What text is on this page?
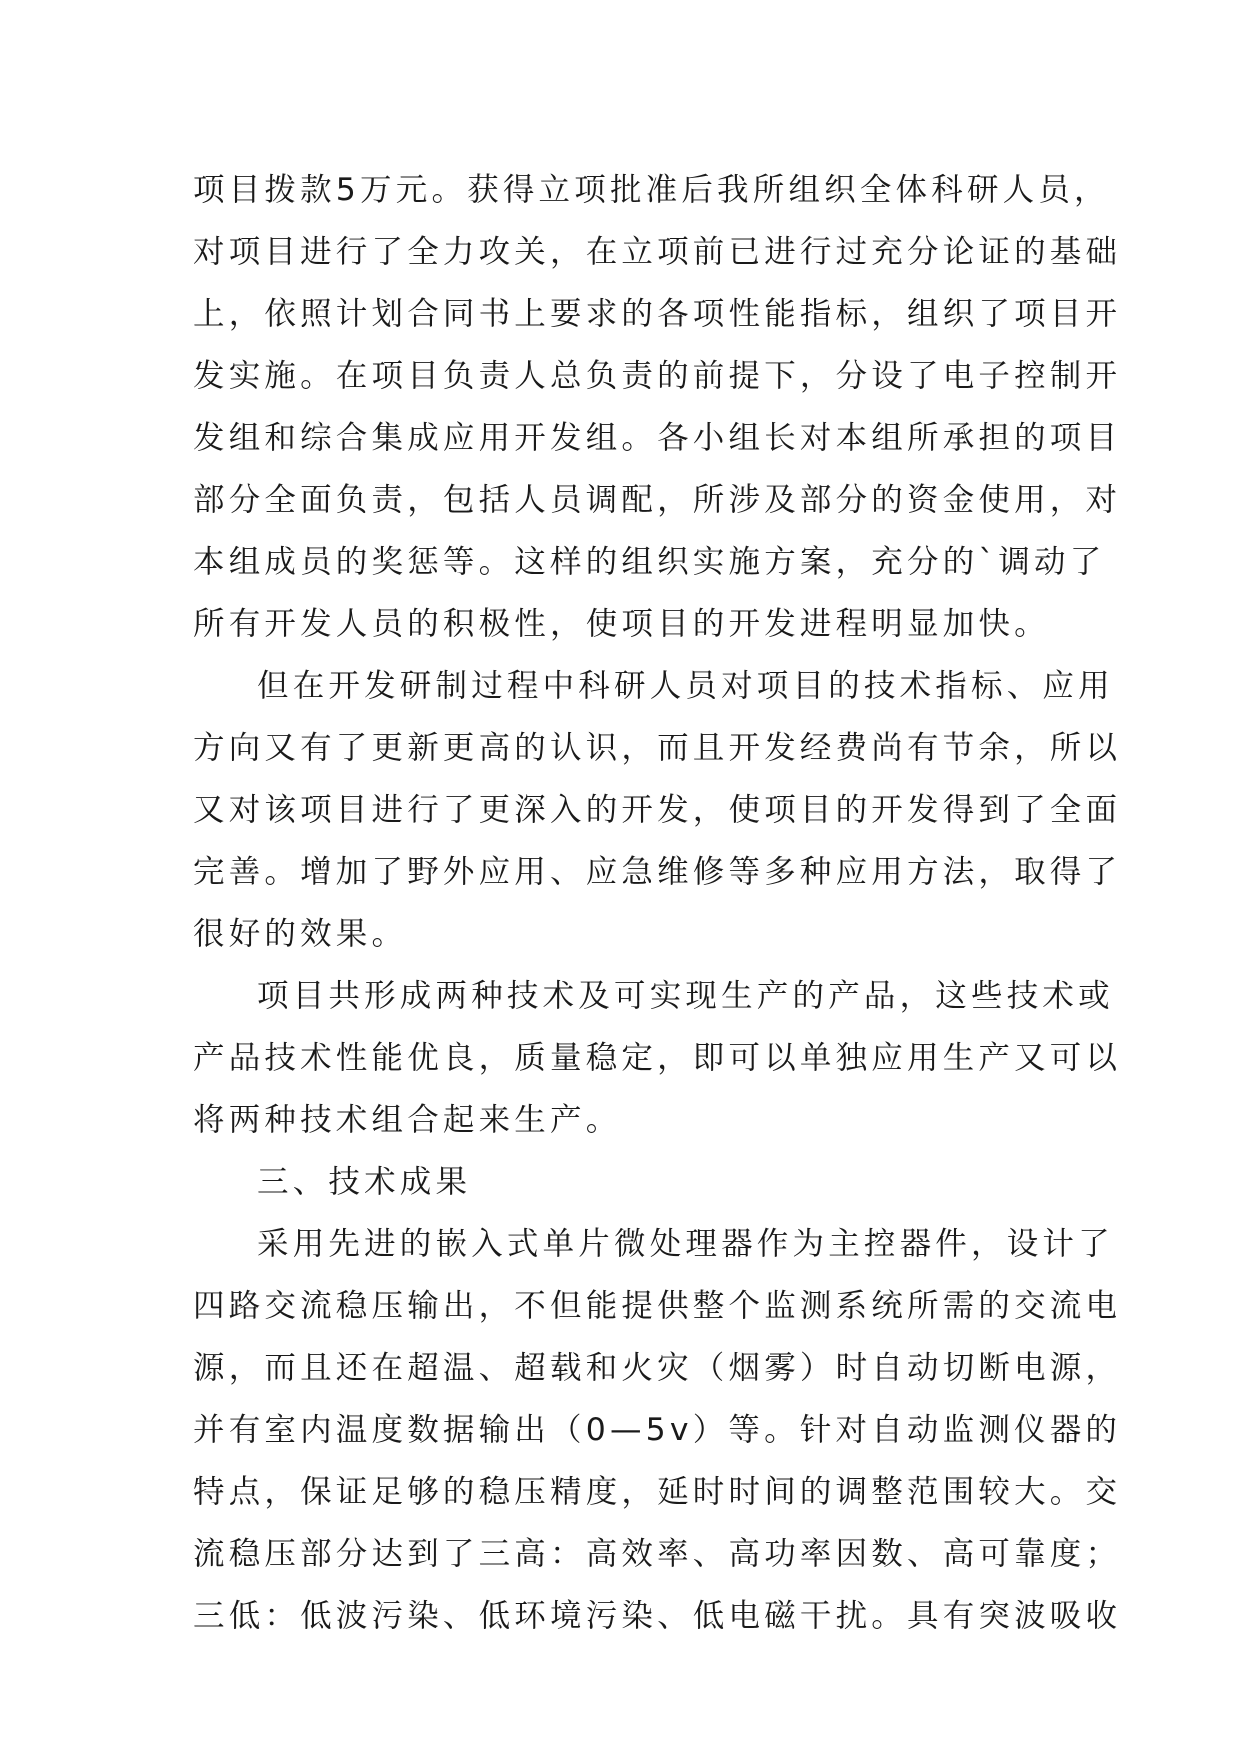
项目拨款5万元。获得立项批准后我所组织全体科研人员，
对项目进行了全力攻关，在立项前已进行过充分论证的基础
上，依照计划合同书上要求的各项性能指标，组织了项目开
发实施。在项目负责人总负责的前提下，分设了电子控制开
发组和综合集成应用开发组。各小组长对本组所承担的项目
部分全面负责，包括人员调配，所涉及部分的资金使用，对
本组成员的奖惩等。这样的组织实施方案，充分的`调动了
所有开发人员的积极性，使项目的开发进程明显加快。
但在开发研制过程中科研人员对项目的技术指标、应用
方向又有了更新更高的认识，而且开发经费尚有节余，所以
又对该项目进行了更深入的开发，使项目的开发得到了全面
完善。增加了野外应用、应急维修等多种应用方法，取得了
很好的效果。
项目共形成两种技术及可实现生产的产品，这些技术或
产品技术性能优良，质量稳定，即可以单独应用生产又可以
将两种技术组合起来生产。
三、技术成果
采用先进的嵌入式单片微处理器作为主控器件，设计了
四路交流稳压输出，不但能提供整个监测系统所需的交流电
源，而且还在超温、超载和火灾（烟雾）时自动切断电源，
并有室内温度数据输出（0—5v）等。针对自动监测仪器的
特点，保证足够的稳压精度，延时时间的调整范围较大。交
流稳压部分达到了三高：高效率、高功率因数、高可靠度；
三低：低波污染、低环境污染、低电磁干扰。具有突波吸收
